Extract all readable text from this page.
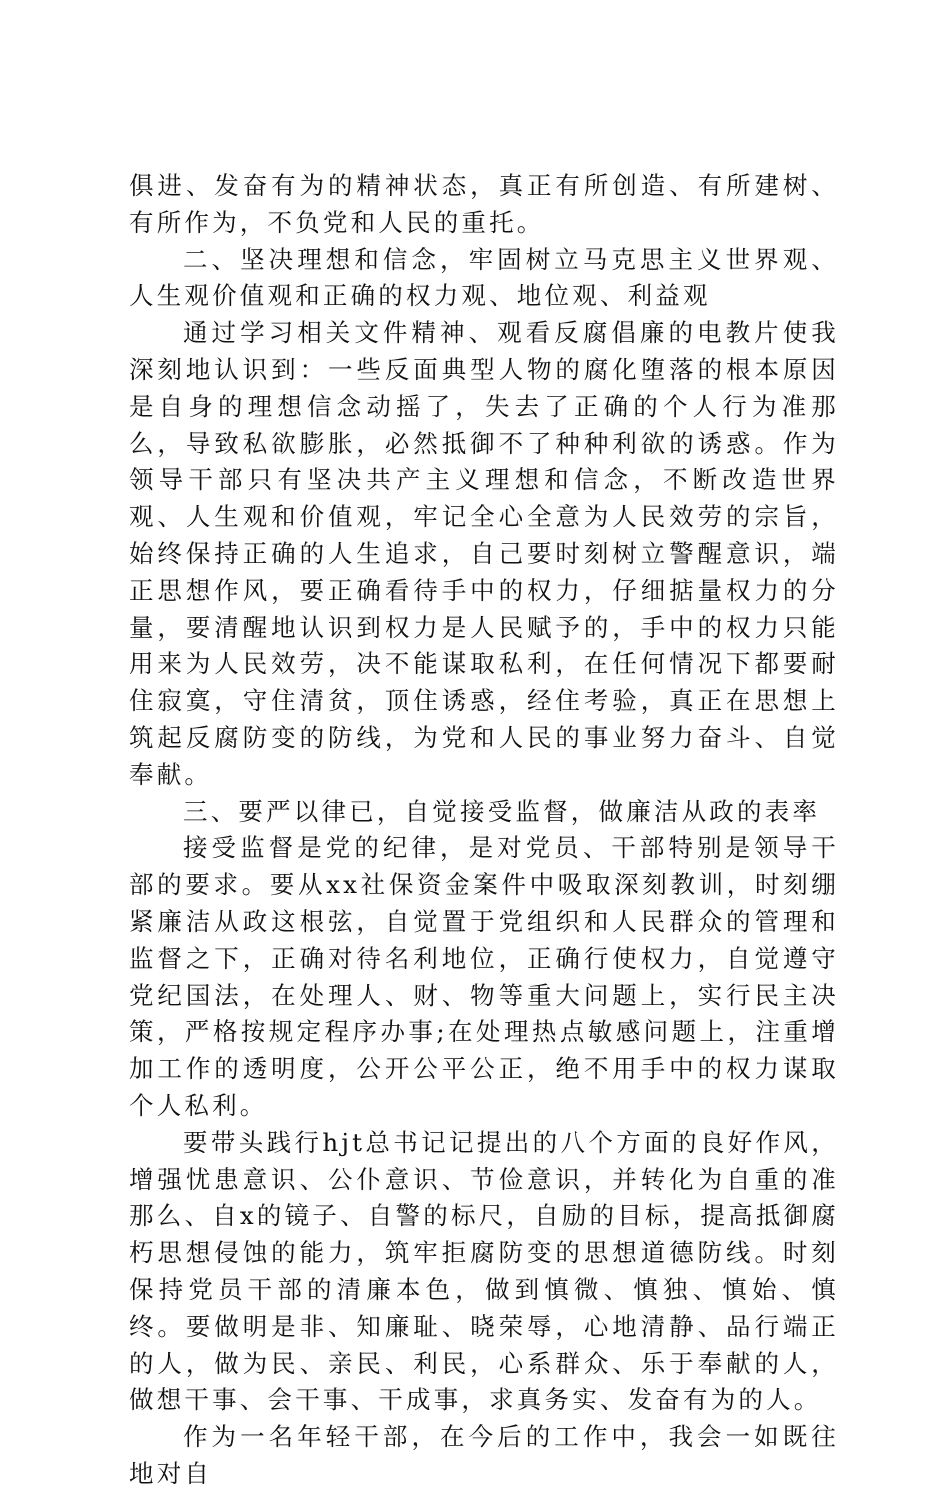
俱进、发奋有为的精神状态，真正有所创造、有所建树、有所作为，不负党和人民的重托。

二、坚决理想和信念，牢固树立马克思主义世界观、人生观价值观和正确的权力观、地位观、利益观

通过学习相关文件精神、观看反腐倡廉的电教片使我深刻地认识到：一些反面典型人物的腐化堕落的根本原因是自身的理想信念动摇了，失去了正确的个人行为准那么，导致私欲膨胀，必然抵御不了种种利欲的诱惑。作为领导干部只有坚决共产主义理想和信念，不断改造世界观、人生观和价值观，牢记全心全意为人民效劳的宗旨，始终保持正确的人生追求，自己要时刻树立警醒意识，端正思想作风，要正确看待手中的权力，仔细掂量权力的分量，要清醒地认识到权力是人民赋予的，手中的权力只能用来为人民效劳，决不能谋取私利，在任何情况下都要耐住寂寞，守住清贫，顶住诱惑，经住考验，真正在思想上筑起反腐防变的防线，为党和人民的事业努力奋斗、自觉奉献。

三、要严以律已，自觉接受监督，做廉洁从政的表率

接受监督是党的纪律，是对党员、干部特别是领导干部的要求。要从xx社保资金案件中吸取深刻教训，时刻绷紧廉洁从政这根弦，自觉置于党组织和人民群众的管理和监督之下，正确对待名利地位，正确行使权力，自觉遵守党纪国法，在处理人、财、物等重大问题上，实行民主决策，严格按规定程序办事;在处理热点敏感问题上，注重增加工作的透明度，公开公平公正，绝不用手中的权力谋取个人私利。

要带头践行hjt总书记记提出的八个方面的良好作风，增强忧患意识、公仆意识、节俭意识，并转化为自重的准那么、自x的镜子、自警的标尺，自励的目标，提高抵御腐朽思想侵蚀的能力，筑牢拒腐防变的思想道德防线。时刻保持党员干部的清廉本色，做到慎微、慎独、慎始、慎终。要做明是非、知廉耻、晓荣辱，心地清静、品行端正的人，做为民、亲民、利民，心系群众、乐于奉献的人，做想干事、会干事、干成事，求真务实、发奋有为的人。

作为一名年轻干部，在今后的工作中，我会一如既往地对自
